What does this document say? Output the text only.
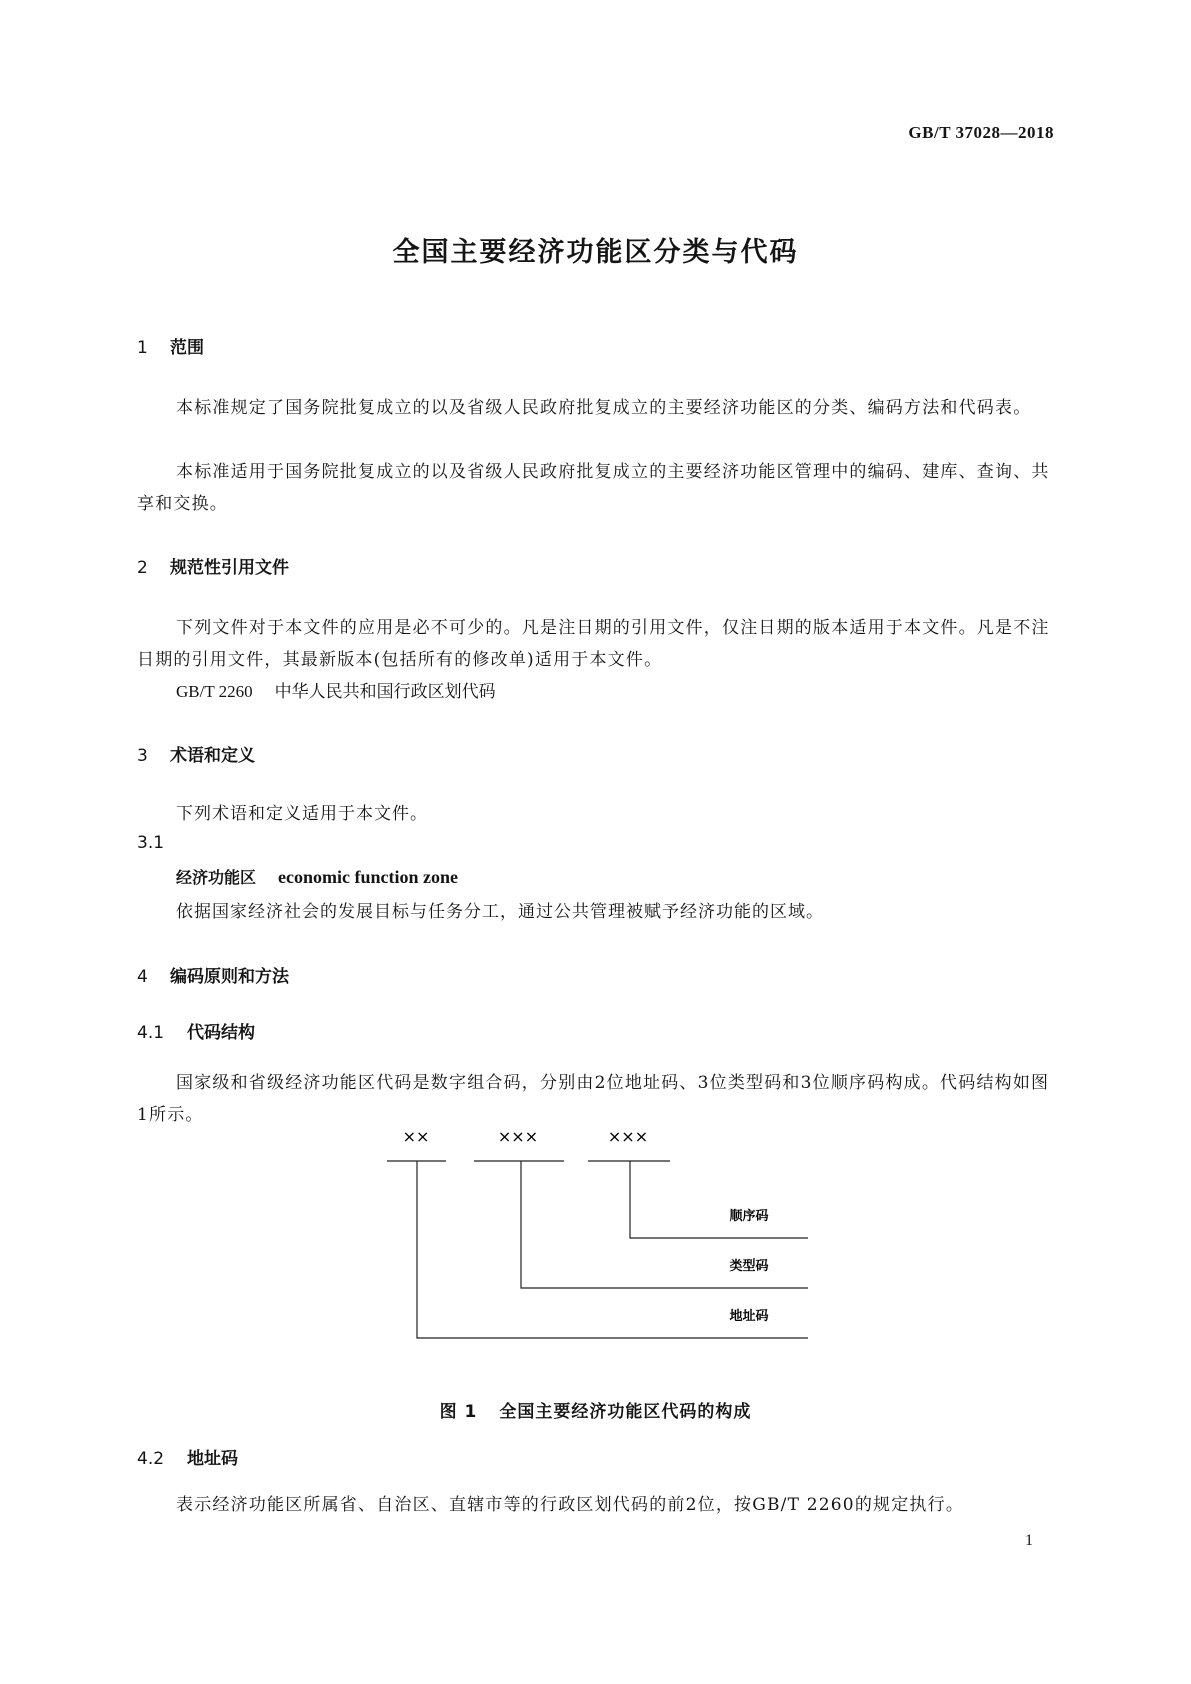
GB/T 37028—2018
全国主要经济功能区分类与代码
1 范围
本标准规定了国务院批复成立的以及省级人民政府批复成立的主要经济功能区的分类、编码方法和代码表。
本标准适用于国务院批复成立的以及省级人民政府批复成立的主要经济功能区管理中的编码、建库、查询、共享和交换。
2 规范性引用文件
下列文件对于本文件的应用是必不可少的。凡是注日期的引用文件，仅注日期的版本适用于本文件。凡是不注日期的引用文件，其最新版本(包括所有的修改单)适用于本文件。
GB/T 2260 中华人民共和国行政区划代码
3 术语和定义
下列术语和定义适用于本文件。
3.1
经济功能区 economic function zone
依据国家经济社会的发展目标与任务分工，通过公共管理被赋予经济功能的区域。
4 编码原则和方法
4.1 代码结构
国家级和省级经济功能区代码是数字组合码，分别由2位地址码、3位类型码和3位顺序码构成。代码结构如图1所示。
××	×××	×××
顺序码
类型码
地址码
图 1 全国主要经济功能区代码的构成
4.2 地址码
表示经济功能区所属省、自治区、直辖市等的行政区划代码的前2位，按GB/T 2260的规定执行。
1
